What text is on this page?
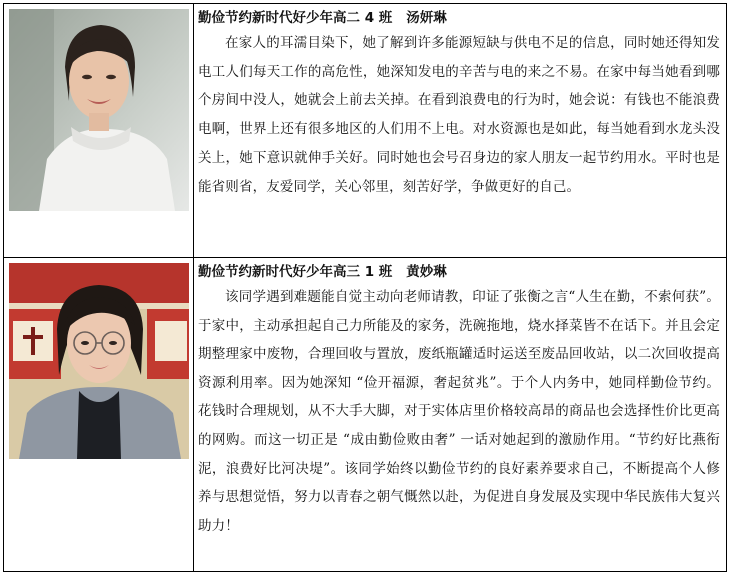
勤俭节约新时代好少年高二 4 班 汤妍琳
在家人的耳濡目染下，她了解到许多能源短缺与供电不足的信息，同时她还得知发电工人们每天工作的高危性，她深知发电的辛苦与电的来之不易。在家中每当她看到哪个房间中没人，她就会上前去关掉。在看到浪费电的行为时，她会说：有钱也不能浪费电啊，世界上还有很多地区的人们用不上电。对水资源也是如此，每当她看到水龙头没关上，她下意识就伸手关好。同时她也会号召身边的家人朋友一起节约用水。平时也是能省则省，友爱同学，关心邻里，刻苦好学，争做更好的自己。

勤俭节约新时代好少年高三 1 班 黄妙琳
该同学遇到难题能自觉主动向老师请教，印证了张衡之言“人生在勤，不索何获”。于家中，主动承担起自己力所能及的家务，洗碗拖地，烧水择菜皆不在话下。并且会定期整理家中废物，合理回收与置放，废纸瓶罐适时运送至废品回收站，以二次回收提高资源利用率。因为她深知 “俭开福源，奢起贫兆”。于个人内务中，她同样勤俭节约。花钱时合理规划，从不大手大脚，对于实体店里价格较高昂的商品也会选择性价比更高的网购。而这一切正是 “成由勤俭败由奢” 一话对她起到的激励作用。“节约好比燕衔泥，浪费好比河决堤”。该同学始终以勤俭节约的良好素养要求自己，不断提高个人修养与思想觉悟，努力以青春之朝气慨然以赴，为促进自身发展及实现中华民族伟大复兴助力！
